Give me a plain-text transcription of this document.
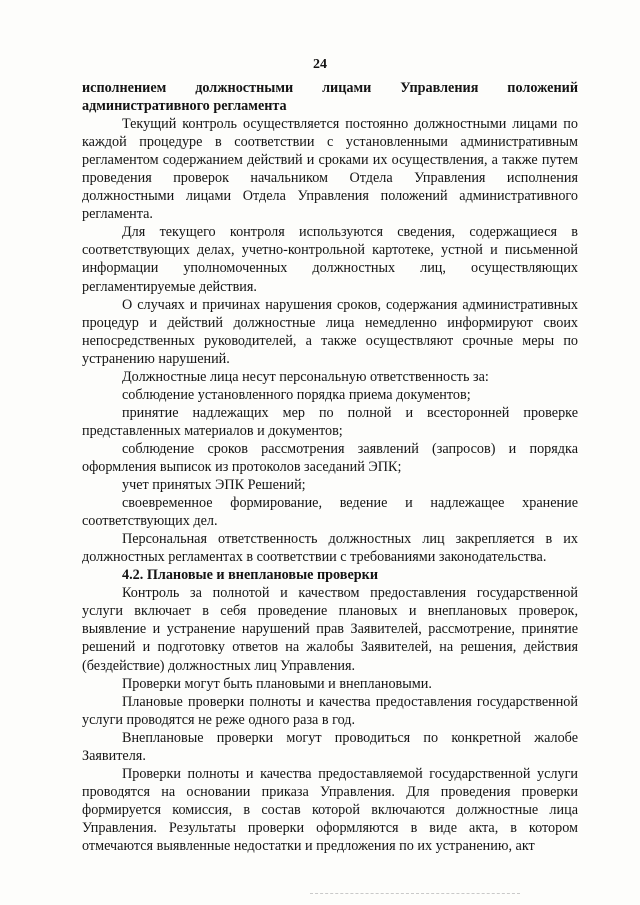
24

исполнением должностными лицами Управления положений

административного регламента

Текущий контроль осуществляется постоянно должностными лицами по каждой процедуре в соответствии с установленными административным регламентом содержанием действий и сроками их осуществления, а также путем проведения проверок начальником Отдела Управления исполнения должностными лицами Отдела Управления положений административного регламента.

Для текущего контроля используются сведения, содержащиеся в соответствующих делах, учетно-контрольной картотеке, устной и письменной информации уполномоченных должностных лиц, осуществляющих регламентируемые действия.

О случаях и причинах нарушения сроков, содержания административных процедур и действий должностные лица немедленно информируют своих непосредственных руководителей, а также осуществляют срочные меры по устранению нарушений.

Должностные лица несут персональную ответственность за:

соблюдение установленного порядка приема документов;

принятие надлежащих мер по полной и всесторонней проверке представленных материалов и документов;

соблюдение сроков рассмотрения заявлений (запросов) и порядка оформления выписок из протоколов заседаний ЭПК;

учет принятых ЭПК Решений;

своевременное формирование, ведение и надлежащее хранение соответствующих дел.

Персональная ответственность должностных лиц закрепляется в их должностных регламентах в соответствии с требованиями законодательства.

4.2. Плановые и внеплановые проверки

Контроль за полнотой и качеством предоставления государственной услуги включает в себя проведение плановых и внеплановых проверок, выявление и устранение нарушений прав Заявителей, рассмотрение, принятие решений и подготовку ответов на жалобы Заявителей, на решения, действия (бездействие) должностных лиц Управления.

Проверки могут быть плановыми и внеплановыми.

Плановые проверки полноты и качества предоставления государственной услуги проводятся не реже одного раза в год.

Внеплановые проверки могут проводиться по конкретной жалобе Заявителя.

Проверки полноты и качества предоставляемой государственной услуги проводятся на основании приказа Управления. Для проведения проверки формируется комиссия, в состав которой включаются должностные лица Управления. Результаты проверки оформляются в виде акта, в котором отмечаются выявленные недостатки и предложения по их устранению, акт
